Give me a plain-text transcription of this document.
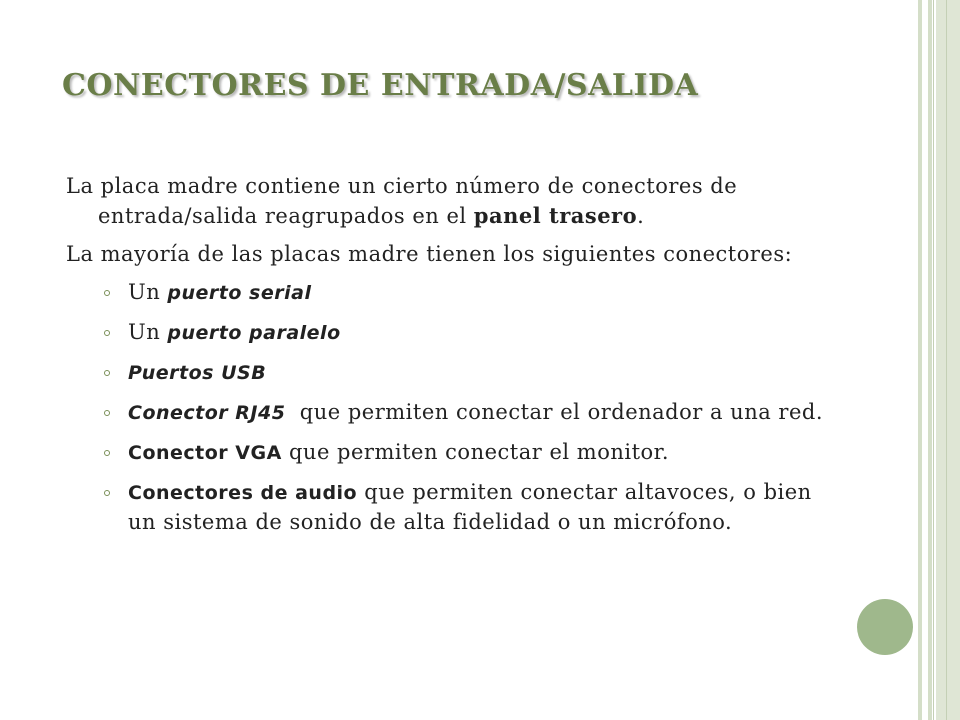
CONECTORES DE ENTRADA/SALIDA

La placa madre contiene un cierto número de conectores de entrada/salida reagrupados en el panel trasero.

La mayoría de las placas madre tienen los siguientes conectores:

Un puerto serial
Un puerto paralelo
Puertos USB
Conector RJ45  que permiten conectar el ordenador a una red.
Conector VGA que permiten conectar el monitor.
Conectores de audio que permiten conectar altavoces, o bien un sistema de sonido de alta fidelidad o un micrófono.
